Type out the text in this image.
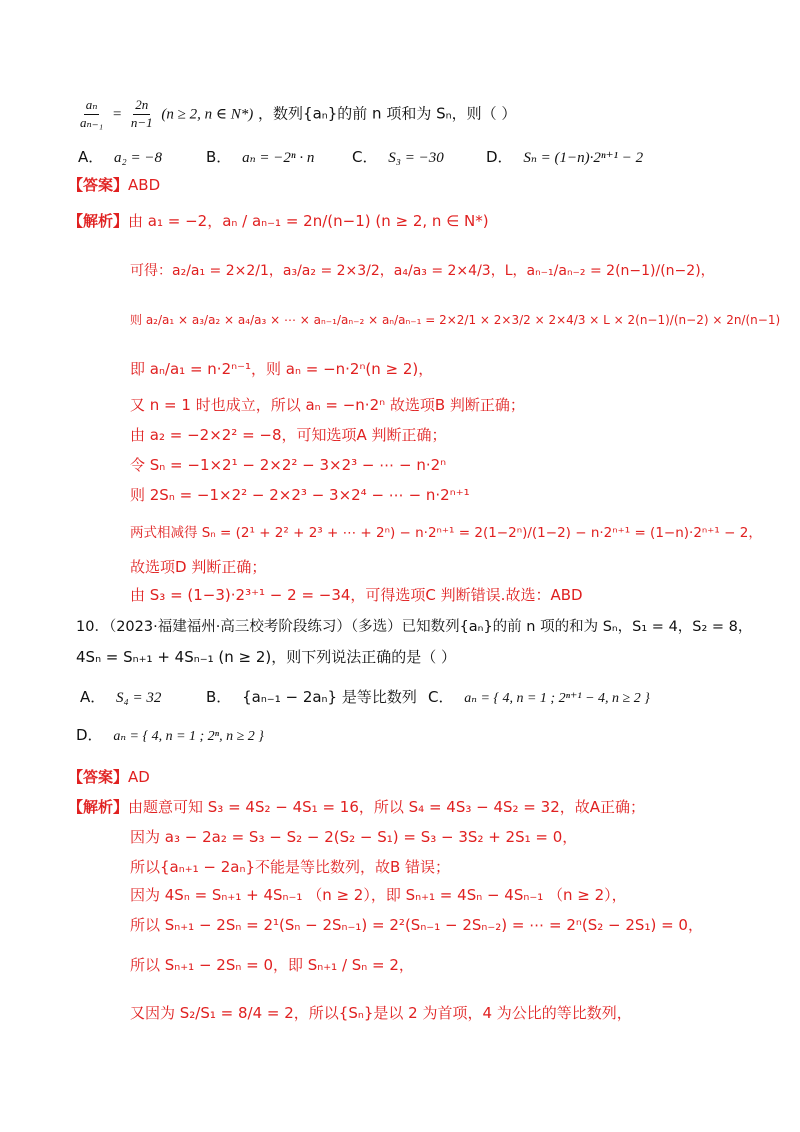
$\frac{\text{aₙ}}{\text{aₙ₋₁}} = \frac{2n}{n-1} (n \ge 2$, n ∈ N*) ，数列{aₙ}的前 n 项和为 Sₙ，则（ ）
A． a₂ = −8	B． aₙ = −2ⁿ · n	C． S₃ = −30	D． Sₙ = (1−n)·2ⁿ⁺¹ − 2
【答案】ABD
【解析】由 a₁ = −2，aₙ / aₙ₋₁ = 2n/(n−1) (n ≥ 2, n ∈ N*)
可得：a₂/a₁ = 2×2/1，a₃/a₂ = 2×3/2，a₄/a₃ = 2×4/3，L，aₙ₋₁/aₙ₋₂ = 2(n−1)/(n−2)，
则 a₂/a₁ × a₃/a₂ × a₄/a₃ × ⋯ × aₙ₋₁/aₙ₋₂ × aₙ/aₙ₋₁ = 2×2/1 × 2×3/2 × 2×4/3 × L × 2(n−1)/(n−2) × 2n/(n−1)
即 aₙ/a₁ = n·2ⁿ⁻¹，则 aₙ = −n·2ⁿ(n ≥ 2)，
又 n = 1 时也成立，所以 aₙ = −n·2ⁿ 故选项B 判断正确；
由 a₂ = −2×2² = −8，可知选项A 判断正确；
令 Sₙ = −1×2¹ − 2×2² − 3×2³ − ⋯ − n·2ⁿ
则 2Sₙ = −1×2² − 2×2³ − 3×2⁴ − ⋯ − n·2ⁿ⁺¹
两式相减得 Sₙ = (2¹ + 2² + 2³ + ⋯ + 2ⁿ) − n·2ⁿ⁺¹ = 2(1−2ⁿ)/(1−2) − n·2ⁿ⁺¹ = (1−n)·2ⁿ⁺¹ − 2，
故选项D 判断正确；
由 S₃ = (1−3)·2³⁺¹ − 2 = −34，可得选项C 判断错误.故选：ABD
10．（2023·福建福州·高三校考阶段练习）（多选）已知数列{aₙ}的前 n 项的和为 Sₙ，S₁ = 4，S₂ = 8，
4Sₙ = Sₙ₊₁ + 4Sₙ₋₁ (n ≥ 2)，则下列说法正确的是（ ）
A． S₄ = 32	B． {aₙ₋₁ − 2aₙ} 是等比数列 C． aₙ = { 4, n = 1 ; 2ⁿ⁺¹ − 4, n ≥ 2 }
D． aₙ = { 4, n = 1 ; 2ⁿ, n ≥ 2 }
【答案】AD
【解析】由题意可知 S₃ = 4S₂ − 4S₁ = 16，所以 S₄ = 4S₃ − 4S₂ = 32，故A正确；
因为 a₃ − 2a₂ = S₃ − S₂ − 2(S₂ − S₁) = S₃ − 3S₂ + 2S₁ = 0，
所以{aₙ₊₁ − 2aₙ}不能是等比数列，故B 错误；
因为 4Sₙ = Sₙ₊₁ + 4Sₙ₋₁ （n ≥ 2），即 Sₙ₊₁ = 4Sₙ − 4Sₙ₋₁ （n ≥ 2），
所以 Sₙ₊₁ − 2Sₙ = 2¹(Sₙ − 2Sₙ₋₁) = 2²(Sₙ₋₁ − 2Sₙ₋₂) = ⋯ = 2ⁿ(S₂ − 2S₁) = 0，
所以 Sₙ₊₁ − 2Sₙ = 0，即 Sₙ₊₁ / Sₙ = 2，
又因为 S₂/S₁ = 8/4 = 2，所以{Sₙ}是以 2 为首项，4 为公比的等比数列，
